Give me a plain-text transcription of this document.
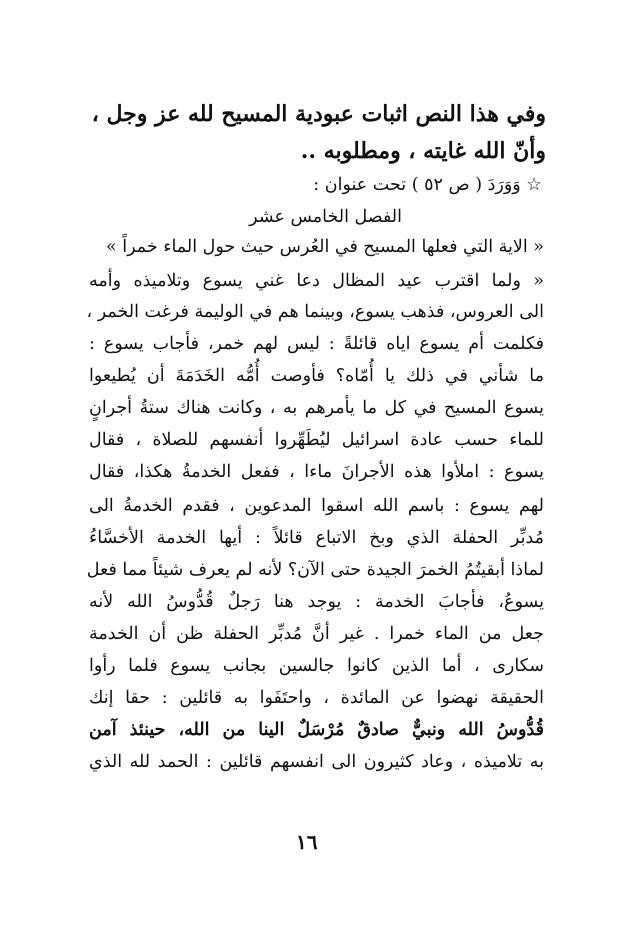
وفي هذا النص اثبات عبودية المسيح لله عز وجل ،
وأنّ الله غايته ، ومطلوبه ..
☆ وَوَرَدَ ( ص ٥٢ ) تحت عنوان :
الفصل الخامس عشر
« الاية التي فعلها المسيح في العُرس حيث حول الماء خمراً »
« ولما اقترب عيد المظال دعا غني يسوع وتلاميذه وأمه
الى العروس، فذهب يسوع، وبينما هم في الوليمة فرغت الخمر ،
فكلمت أم يسوع اياه قائلةً : ليس لهم خمر، فأجاب يسوع :
ما شأني في ذلك يا أُمّاه؟ فأوصت أُمُّه الخَدَمَةَ أن يُطيعوا
يسوع المسيح في كل ما يأمرهم به ، وكانت هناك ستةُ أجرانٍ
للماء حسب عادة اسرائيل ليُطَهِّروا أنفسهم للصلاة ، فقال
يسوع : املأوا هذه الأجرانَ ماءا ، ففعل الخدمةُ هكذا، فقال
لهم يسوع : باسم الله اسقوا المدعوين ، فقدم الخدمةُ الى
مُدبِّر الحفلة الذي وبخ الاتباع قائلاً : أيها الخدمة الأخسَّاءُ
لماذا أبقيتُمُ الخمرَ الجيدة حتى الآن؟ لأنه لم يعرف شيئاً مما فعل
يسوعُ، فأجابَ الخدمة : يوجد هنا رَجلٌ قُدُّوسُ الله لأنه
جعل من الماء خمرا . غير أنَّ مُدبِّر الحفلة ظن أن الخدمة
سكارى ، أما الذين كانوا جالسين بجانب يسوع فلما رأوا
الحقيقة نهضوا عن المائدة ، واحتَفَوا به قائلين : حقا إنك
قُدُّوسُ الله ونبيٌّ صادقٌ مُرْسَلٌ الينا من الله، حينئذ آمن
به تلاميذه ، وعاد كثيرون الى انفسهم قائلين : الحمد لله الذي
١٦
